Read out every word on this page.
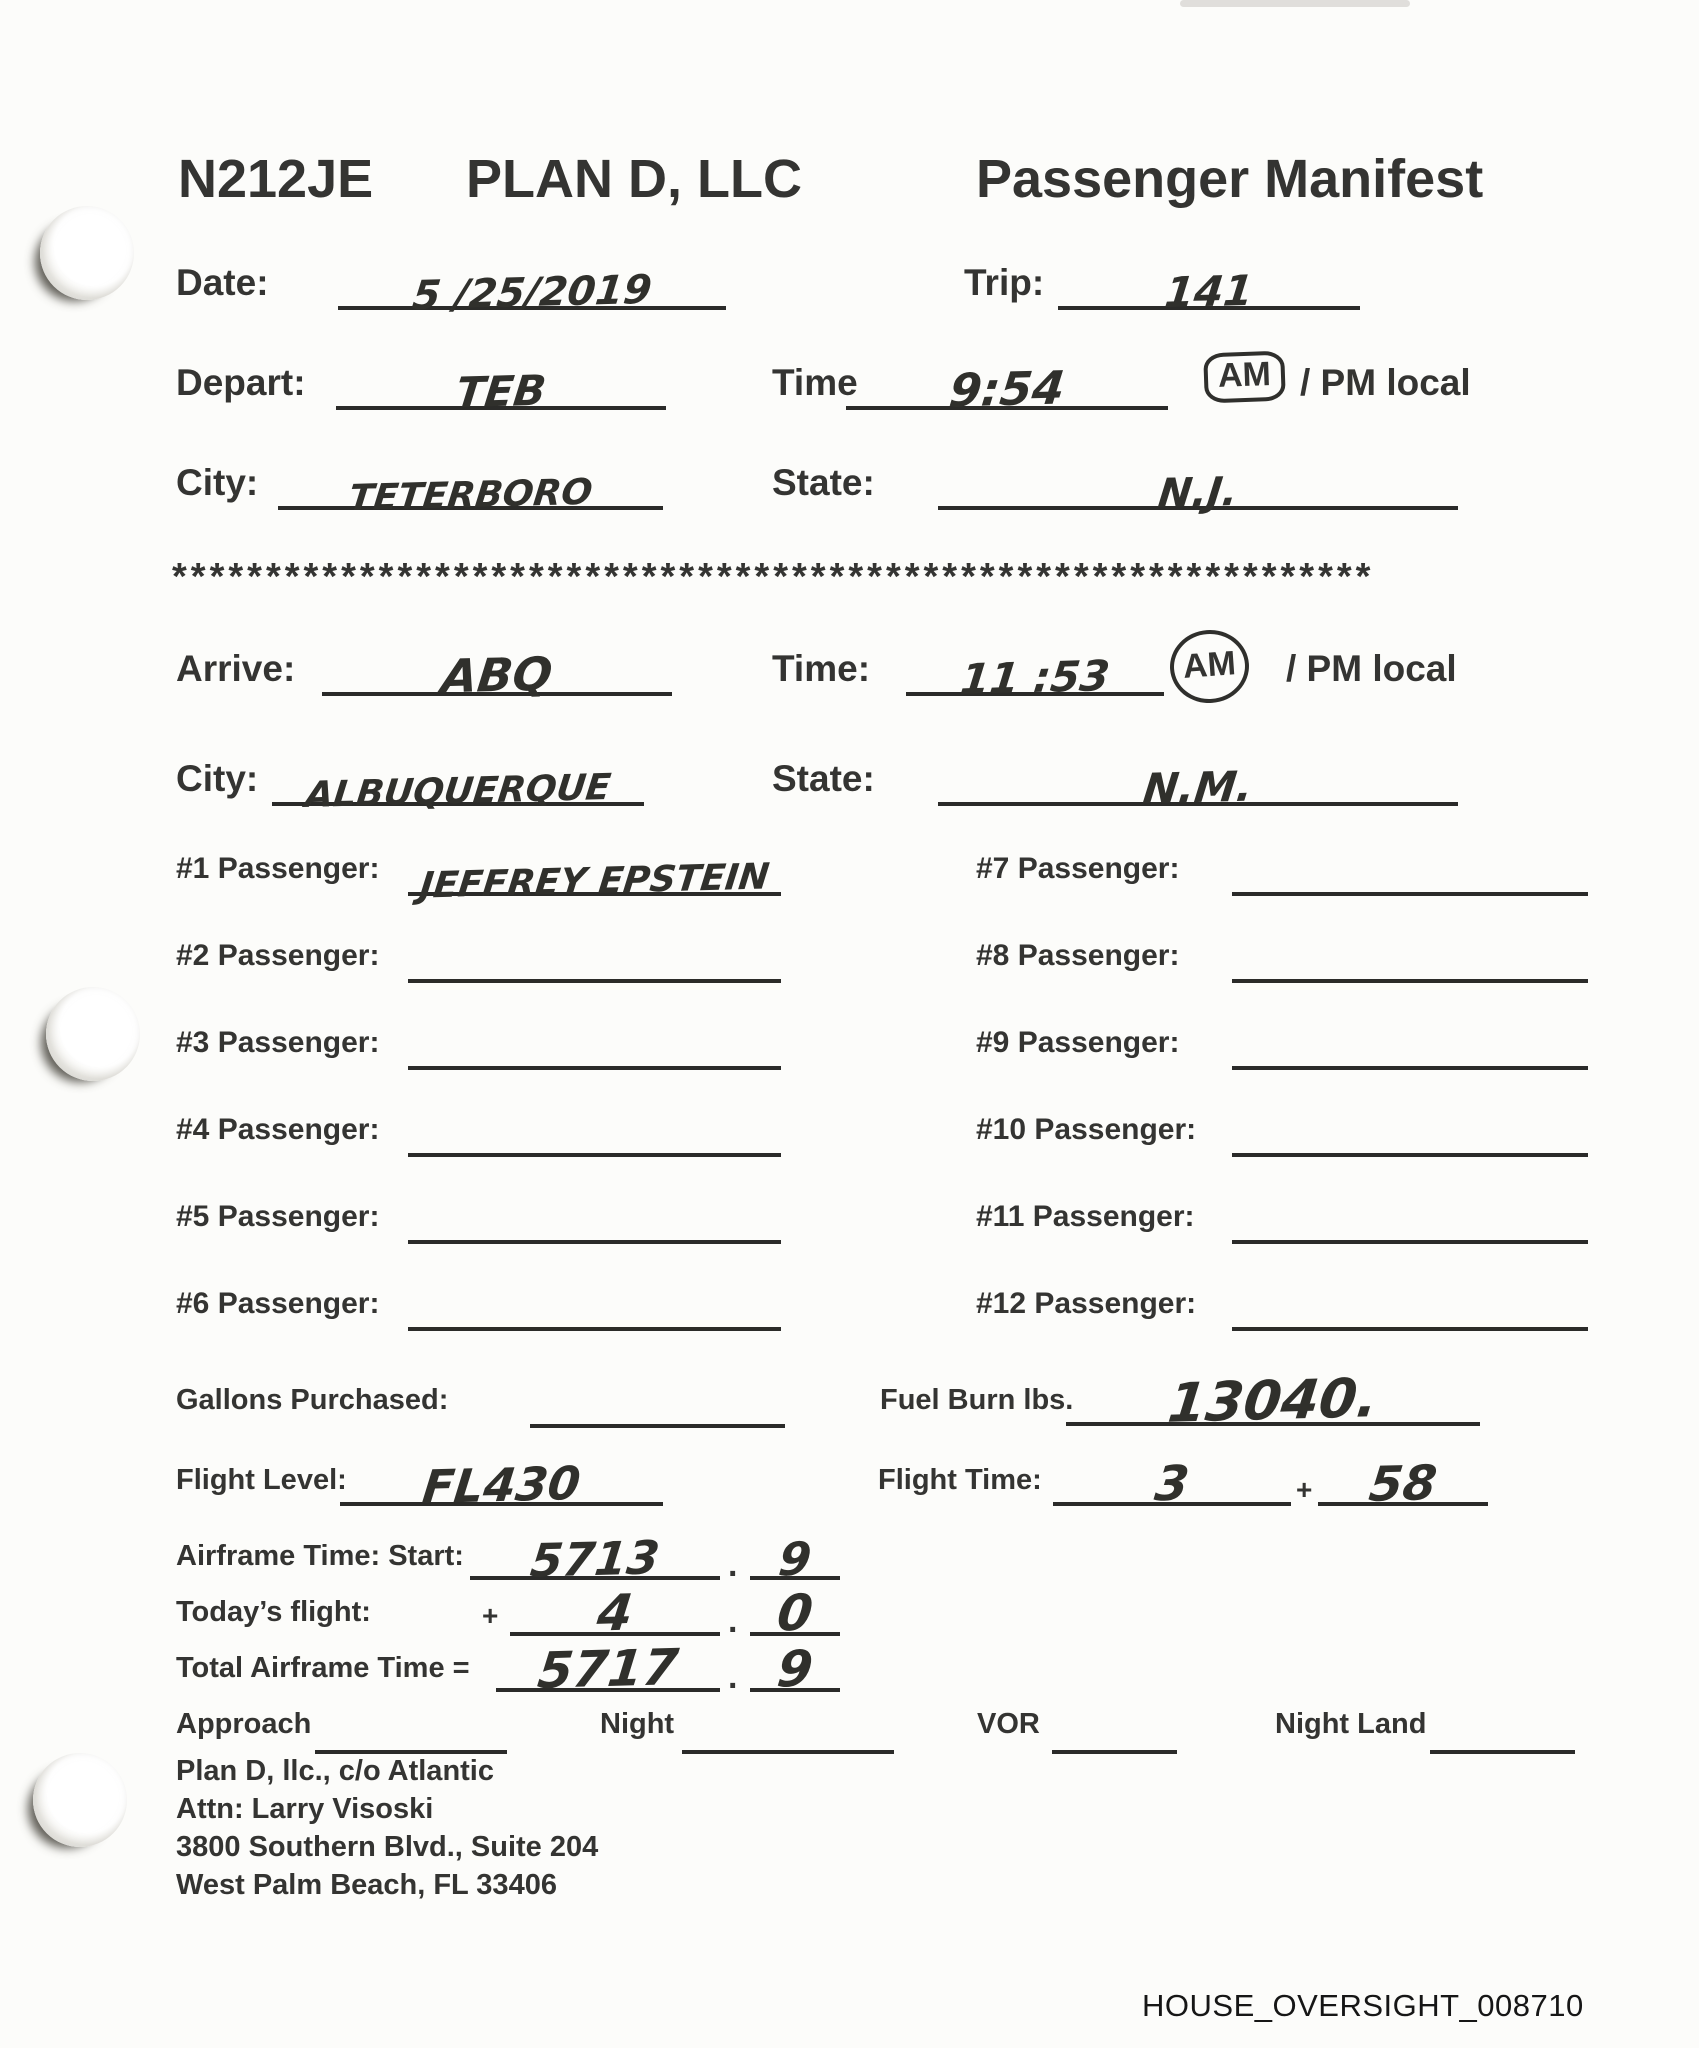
N212JE PLAN D, LLC	Passenger Manifest
Date:	5 /25/2019	Trip:	141
Depart:	TEB	Time	9:54	AM / PM local
City:	TETERBORO	State:	N.J.
****************************************************************
Arrive:	ABQ	Time:	11 :53	AM	/ PM local
City:	ALBUQUERQUE	State:	N.M.
#1 Passenger:	JEFFREY EPSTEIN
#2 Passenger:
#3 Passenger:
#4 Passenger:
#5 Passenger:
#6 Passenger:
#7 Passenger:
#8 Passenger:
#9 Passenger:
#10 Passenger:
#11 Passenger:
#12 Passenger:
Gallons Purchased:	Fuel Burn lbs.	13040.
Flight Level:	FL430	Flight Time:	3	+	58
Airframe Time: Start:	5713	. 9
Today’s flight:	+	4	. 0
Total Airframe Time =	5717	. 9
Approach	Night	VOR	Night Land
Plan D, llc., c/o Atlantic
Attn: Larry Visoski
3800 Southern Blvd., Suite 204
West Palm Beach, FL 33406
HOUSE_OVERSIGHT_008710
